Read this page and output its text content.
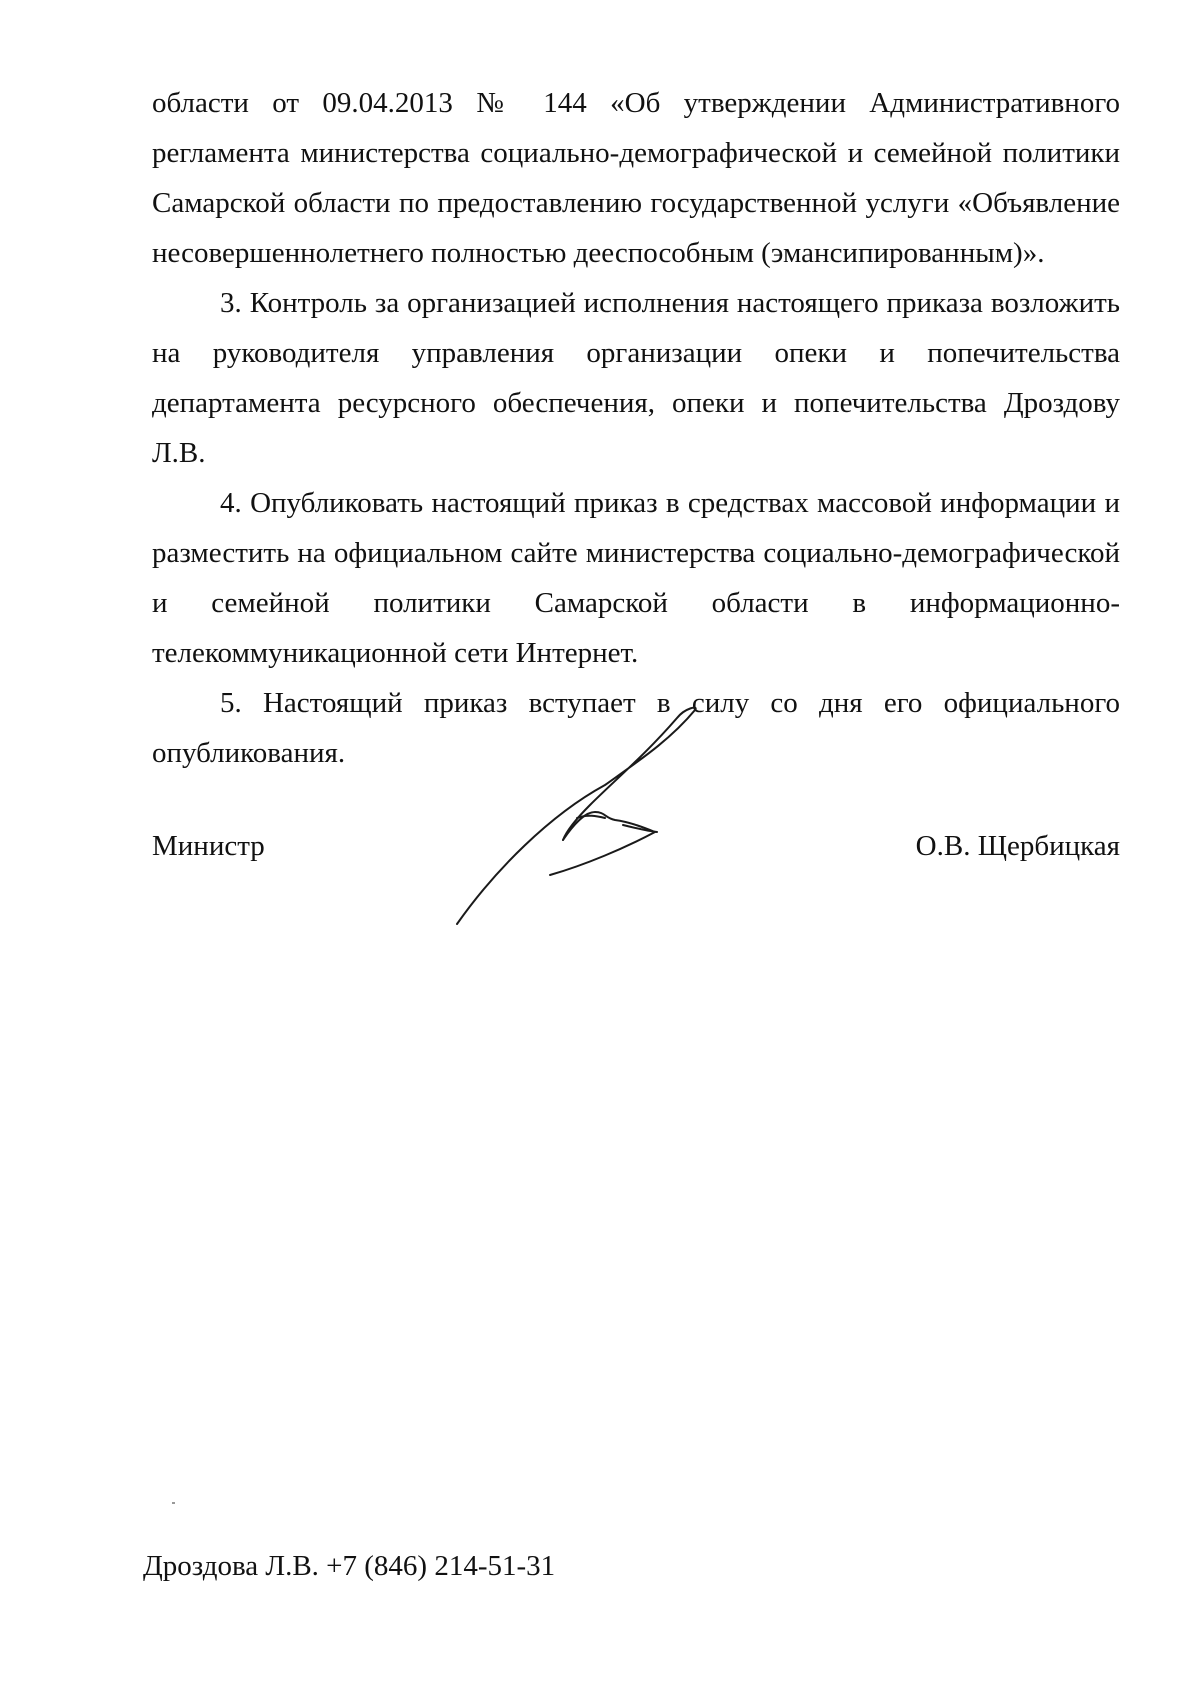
области от 09.04.2013 № 144 «Об утверждении Административного регламента министерства социально-демографической и семейной политики Самарской области по предоставлению государственной услуги «Объявление несовершеннолетнего полностью дееспособным (эмансипированным)».

3. Контроль за организацией исполнения настоящего приказа возложить на руководителя управления организации опеки и попечительства департамента ресурсного обеспечения, опеки и попечительства Дроздову Л.В.

4. Опубликовать настоящий приказ в средствах массовой информации и разместить на официальном сайте министерства социально-демографической и семейной политики Самарской области в информационно-телекоммуникационной сети Интернет.

5. Настоящий приказ вступает в силу со дня его официального опубликования.

Министр	О.В. Щербицкая
Дроздова Л.В. +7 (846) 214-51-31
